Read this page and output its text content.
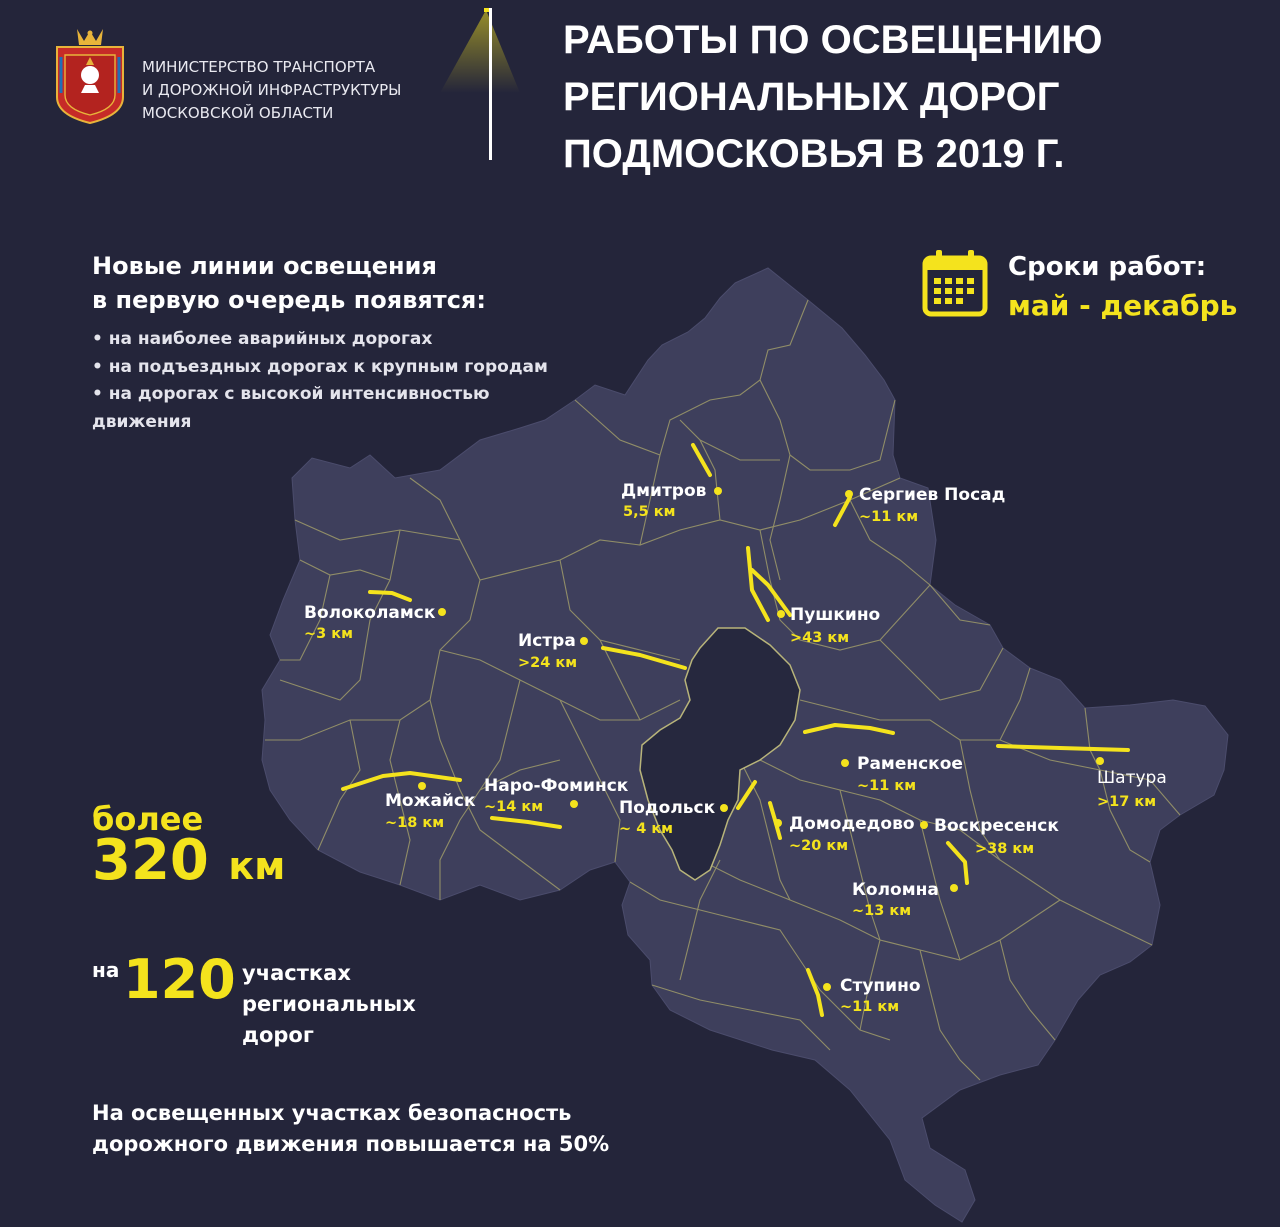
Дмитров
5,5 км
Сергиев Посад
~11 км
Волоколамск
~3 км	Истра
>24 км
Пушкино
>43 км
Раменское
~11 км	Шатура
>17 км
Можайск
~18 км
Наро-Фоминск
~14 км	Подольск
~ 4 км	Домодедово
~20 км
Воскресенск
>38 км
Коломна
~13 км
Ступино
~11 км
МИНИСТЕРСТВО ТРАНСПОРТА
И ДОРОЖНОЙ ИНФРАСТРУКТУРЫ
МОСКОВСКОЙ ОБЛАСТИ
РАБОТЫ ПО ОСВЕЩЕНИЮ
РЕГИОНАЛЬНЫХ ДОРОГ
ПОДМОСКОВЬЯ В 2019 Г.
Новые линии освещения
в первую очередь появятся:
• на наиболее аварийных дорогах
• на подъездных дорогах к крупным городам
• на дорогах с высокой интенсивностью
движения
Сроки работ:
май - декабрь
более
320 км
на 120 участках
региональных
дорог
На освещенных участках безопасность
дорожного движения повышается на 50%
